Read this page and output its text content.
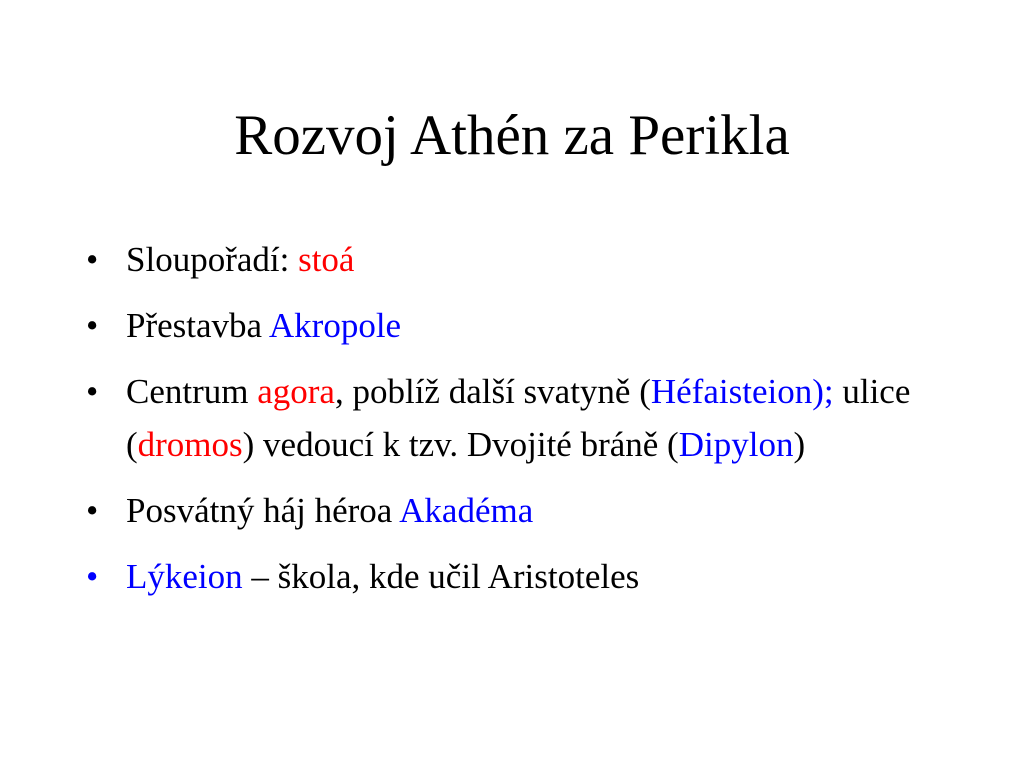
Rozvoj Athén za Perikla
• Sloupořadí: stoá
• Přestavba Akropole
• Centrum agora, poblíž další svatyně (Héfaisteion); ulice (dromos) vedoucí k tzv. Dvojité bráně (Dipylon)
• Posvátný háj héroa Akadéma
• Lýkeion – škola, kde učil Aristoteles
